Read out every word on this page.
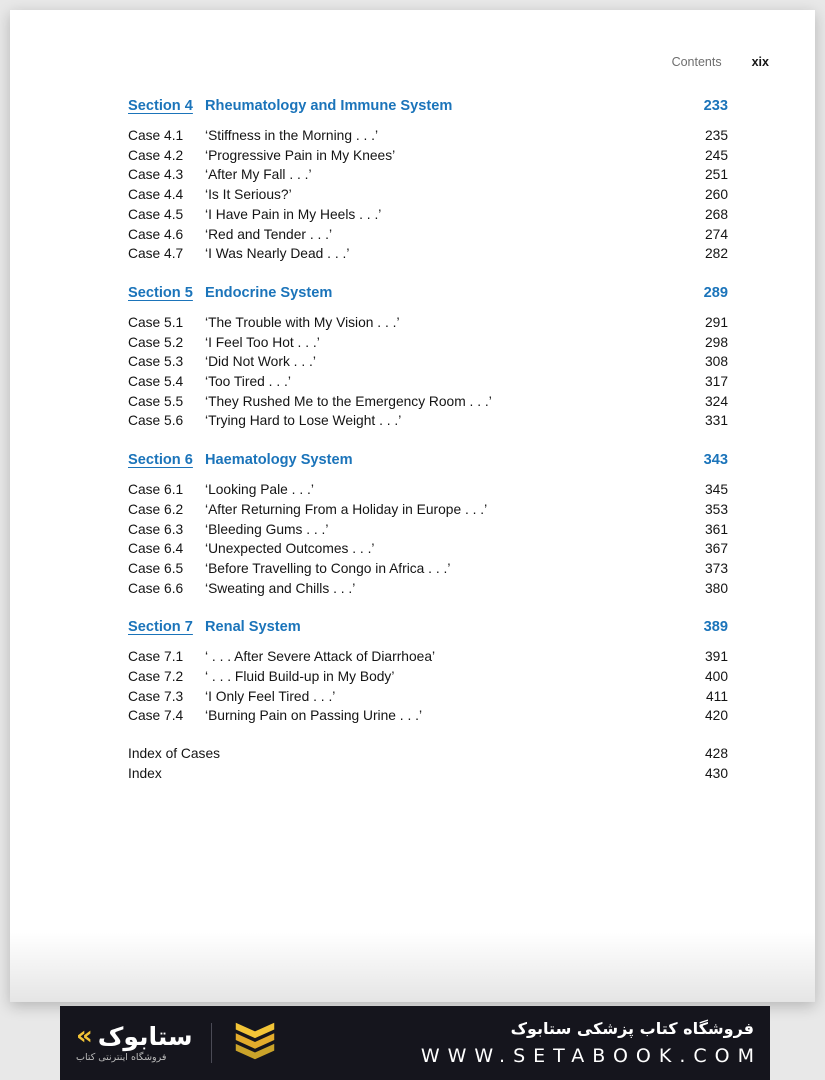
Contents xix
Section 4 Rheumatology and Immune System	233
Case 4.1	‘Stiffness in the Morning . . .’	235
Case 4.2	‘Progressive Pain in My Knees’	245
Case 4.3	‘After My Fall . . .’	251
Case 4.4	‘Is It Serious?’	260
Case 4.5	‘I Have Pain in My Heels . . .’	268
Case 4.6	‘Red and Tender . . .’	274
Case 4.7	‘I Was Nearly Dead . . .’	282
Section 5 Endocrine System	289
Case 5.1	‘The Trouble with My Vision . . .’	291
Case 5.2	‘I Feel Too Hot . . .’	298
Case 5.3	‘Did Not Work . . .’	308
Case 5.4	‘Too Tired . . .’	317
Case 5.5	‘They Rushed Me to the Emergency Room . . .’	324
Case 5.6	‘Trying Hard to Lose Weight . . .’	331
Section 6 Haematology System	343
Case 6.1	‘Looking Pale . . .’	345
Case 6.2	‘After Returning From a Holiday in Europe . . .’	353
Case 6.3	‘Bleeding Gums . . .’	361
Case 6.4	‘Unexpected Outcomes . . .’	367
Case 6.5	‘Before Travelling to Congo in Africa . . .’	373
Case 6.6	‘Sweating and Chills . . .’	380
Section 7 Renal System	389
Case 7.1	‘ . . . After Severe Attack of Diarrhoea’	391
Case 7.2	‘ . . . Fluid Build-up in My Body’	400
Case 7.3	‘I Only Feel Tired . . .’	411
Case 7.4	‘Burning Pain on Passing Urine . . .’	420
Index of Cases	428
Index	430
« ستابوک
فروشگاه اینترنتی کتاب
فروشگاه کتاب پزشکی ستابوک
WWW.SETABOOK.COM
